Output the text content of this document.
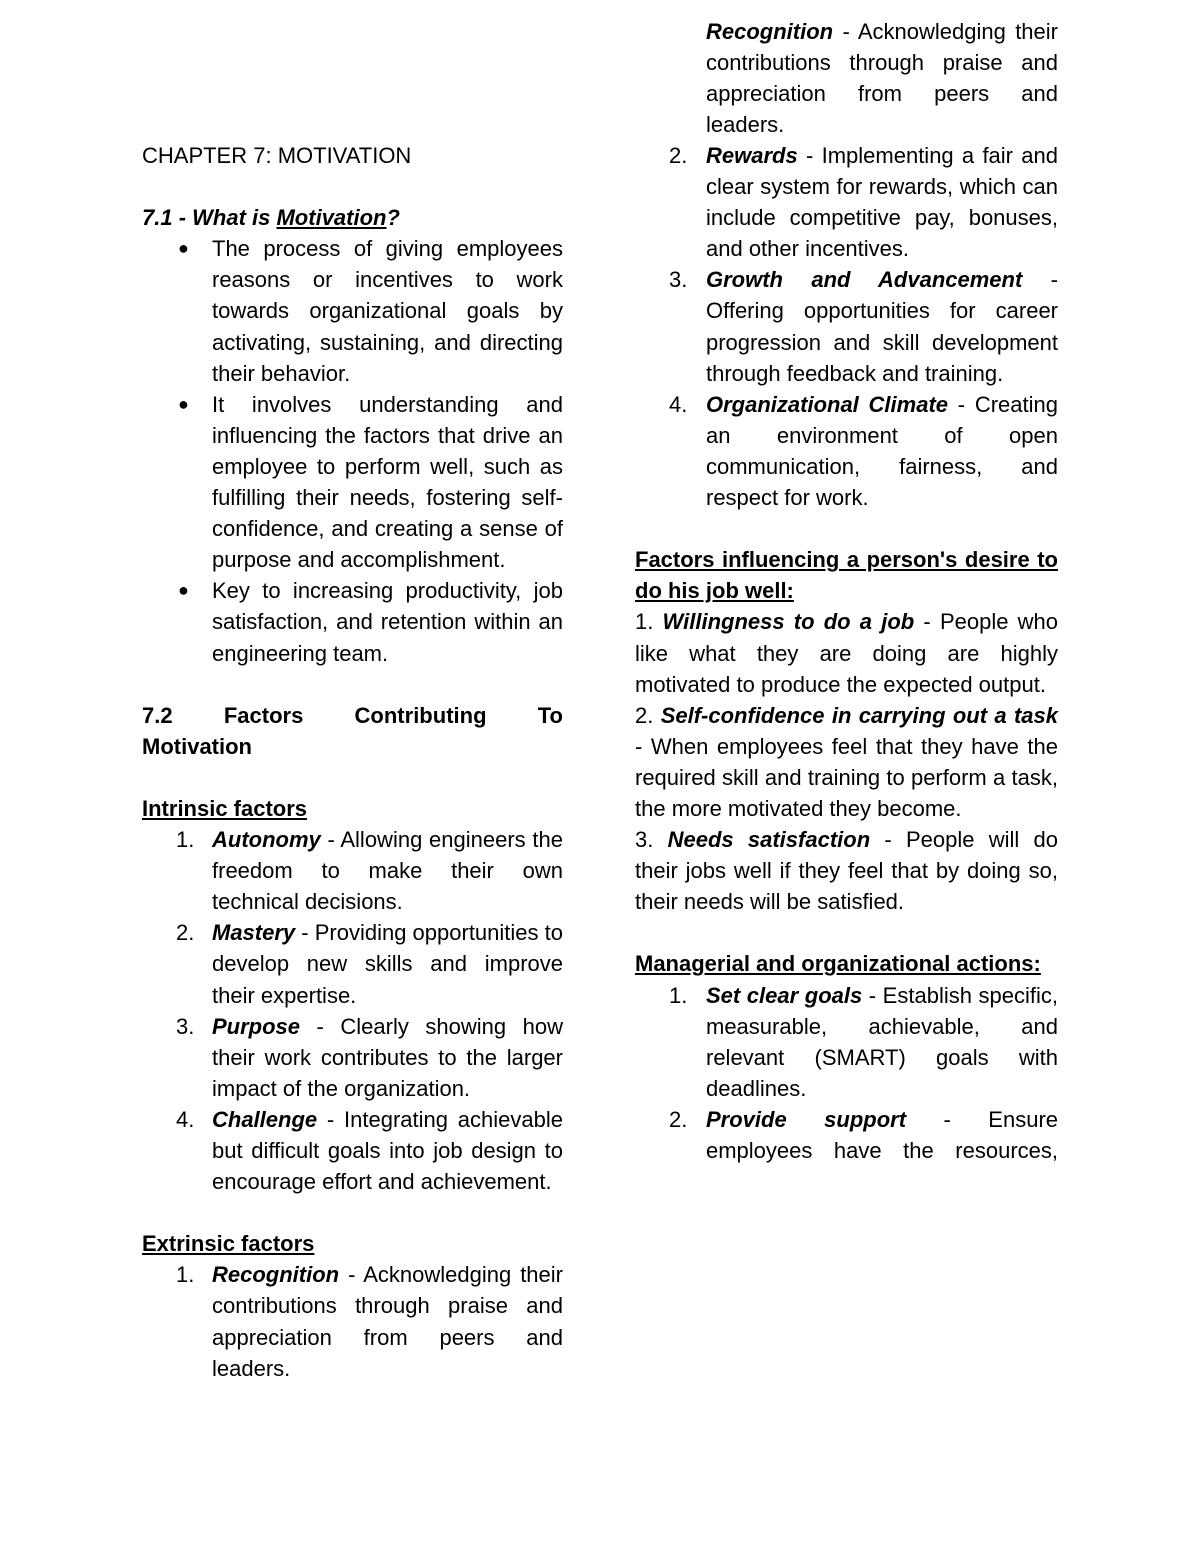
CHAPTER 7: MOTIVATION

7.1 - What is Motivation?

●	The process of giving employees reasons or incentives to work towards organizational goals by activating, sustaining, and directing their behavior.
●	It involves understanding and influencing the factors that drive an employee to perform well, such as fulfilling their needs, fostering self-confidence, and creating a sense of purpose and accomplishment.
●	Key to increasing productivity, job satisfaction, and retention within an engineering team.
7.2 Factors Contributing To
Motivation

Intrinsic factors

1. Autonomy - Allowing engineers the freedom to make their own technical decisions.
2. Mastery - Providing opportunities to develop new skills and improve their expertise.
3. Purpose - Clearly showing how their work contributes to the larger impact of the organization.
4. Challenge - Integrating achievable but difficult goals into job design to encourage effort and achievement.

Extrinsic factors

1. Recognition - Acknowledging their contributions through praise and appreciation from peers and leaders.
Recognition - Acknowledging their contributions through praise and appreciation from peers and leaders.
2. Rewards - Implementing a fair and clear system for rewards, which can include competitive pay, bonuses, and other incentives.
3. Growth and Advancement - Offering opportunities for career progression and skill development through feedback and training.
4. Organizational Climate - Creating an environment of open communication, fairness, and respect for work.

Factors influencing a person's desire to do his job well:

1. Willingness to do a job - People who like what they are doing are highly motivated to produce the expected output.

2. Self-confidence in carrying out a task - When employees feel that they have the required skill and training to perform a task, the more motivated they become.

3. Needs satisfaction - People will do their jobs well if they feel that by doing so, their needs will be satisfied.

Managerial and organizational actions:

1. Set clear goals - Establish specific, measurable, achievable, and relevant (SMART) goals with deadlines.
2. Provide support - Ensure employees have the resources,
